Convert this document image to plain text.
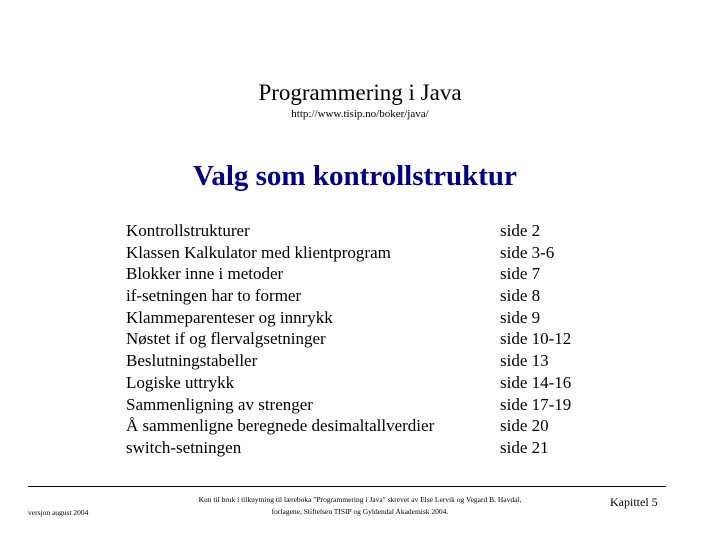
Programmering i Java
http://www.tisip.no/boker/java/
Valg som kontrollstruktur
Kontrollstrukturer	side 2
Klassen Kalkulator med klientprogram	side 3-6
Blokker inne i metoder	side 7
if-setningen har to former	side 8
Klammeparenteser og innrykk	side 9
Nøstet if og flervalgsetninger	side 10-12
Beslutningstabeller	side 13
Logiske uttrykk	side 14-16
Sammenligning av strenger	side 17-19
Å sammenligne beregnede desimaltallverdier	side 20
switch-setningen	side 21
versjon august 2004
Kun til bruk i tilknytning til læreboka "Programmering i Java" skrevet av Else Lervik og Vegard B. Havdal,
forlagene, Stiftelsen TISIP og Gyldendal Akademisk 2004.
Kapittel 5
